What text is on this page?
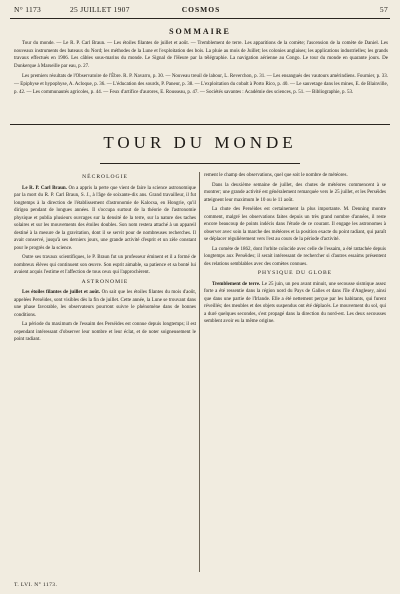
N° 1173	COSMOS	57
25 JUILLET 1907
SOMMAIRE

Tour du monde. — Le R. P. Carl Braun. — Les étoiles filantes de juillet et août. — Tremblement de terre. Les apparitions de la comète; l'ascension de la comète de Daniel. Les nouveaux instruments des bateaux du Nord; les méthodes de la Lune et l'exploitation des bois. La pluie au mois de Juillet; les colonies anglaises; les applications industrielles; les grands travaux effectués en 1906. Les câbles sous-marins du monde. Le Signal de l'Heure par la télégraphie. La navigation aérienne au Congo. Le tour du monde en quarante jours. De Dunkerque à Marseille par eau, p. 27.

Les premiers résultats de l'Observatoire de l'Èbre. R. P. Navarro, p. 30. — Nouveau treuil de labour, L. Reverchon, p. 31. — Les ensangués des vautours amérindiens. Fournier, p. 33. — Epiphyse et hypophyse, A. Acloque, p. 36. — L'éducation des sourds, P. Paneur, p. 38. — L'exploitation du cobalt à Porto Rico, p. 40. — Le sauvetage dans les mines, E. de Blainville, p. 42. — Les communautés agricoles, p. 44. — Feux d'artifice d'aurores, E. Rousseau, p. 47. — Sociétés savantes : Académie des sciences, p. 51. — Bibliographie, p. 53.

TOUR DU MONDE
NÉCROLOGIE

Le R. P. Carl Braun. On a appris la perte que vient de faire la science astronomique par la mort du R. P. Carl Braun, S. J., à l'âge de soixante-dix ans. Grand travailleur, il fut longtemps à la direction de l'établissement d'astronomie de Kalocsa, en Hongrie, qu'il dirigea pendant de longues années. Il s'occupa surtout de la théorie de l'astronomie physique et publia plusieurs ouvrages sur la densité de la terre, sur la nature des taches solaires et sur les mouvements des étoiles doubles. Son nom restera attaché à un appareil destiné à la mesure de la gravitation, dont il se servit pour de nombreuses recherches. Il avait conservé, jusqu'à ses derniers jours, une grande activité d'esprit et un zèle constant pour le progrès de la science.

Outre ses travaux scientifiques, le P. Braun fut un professeur éminent et il a formé de nombreux élèves qui continuent son œuvre. Son esprit aimable, sa patience et sa bonté lui avaient acquis l'estime et l'affection de tous ceux qui l'approchèrent.

ASTRONOMIE

Les étoiles filantes de juillet et août. On sait que les étoiles filantes du mois d'août, appelées Perséides, sont visibles dès la fin de juillet. Cette année, la Lune se trouvant dans une phase favorable, les observateurs pourront suivre le phénomène dans de bonnes conditions.

La période du maximum de l'essaim des Perséides est connue depuis longtemps; il est cependant intéressant d'observer leur nombre et leur éclat, et de noter soigneusement le point radiant.

rement le champ des observations, quel que soit le nombre de météores.

Dans la deuxième semaine de juillet, des chutes de météores commencent à se montrer; une grande activité est généralement remarquée vers le 25 juillet, et les Perséides atteignent leur maximum le 10 ou le 11 août.

La chute des Perséides est certainement la plus importante. M. Denning montre comment, malgré les observations faites depuis un très grand nombre d'années, il reste encore beaucoup de points indécis dans l'étude de ce courant. Il engage les astronomes à observer avec soin la marche des météores et la position exacte du point radiant, qui paraît se déplacer régulièrement vers l'est au cours de la période d'activité.

La comète de 1862, dont l'orbite coïncide avec celle de l'essaim, a été rattachée depuis longtemps aux Perséides; il serait intéressant de rechercher si d'autres essaims présentent des relations semblables avec des comètes connues.

PHYSIQUE DU GLOBE

Tremblement de terre. Le 25 juin, un peu avant minuit, une secousse sismique assez forte a été ressentie dans la région nord du Pays de Galles et dans l'île d'Anglesey, ainsi que dans une partie de l'Irlande. Elle a été nettement perçue par les habitants, qui furent réveillés; des meubles et des objets suspendus ont été déplacés. Le mouvement du sol, qui a duré quelques secondes, s'est propagé dans la direction du nord-est. Les deux secousses semblent avoir eu la même origine.

T. LVI. N° 1173.
